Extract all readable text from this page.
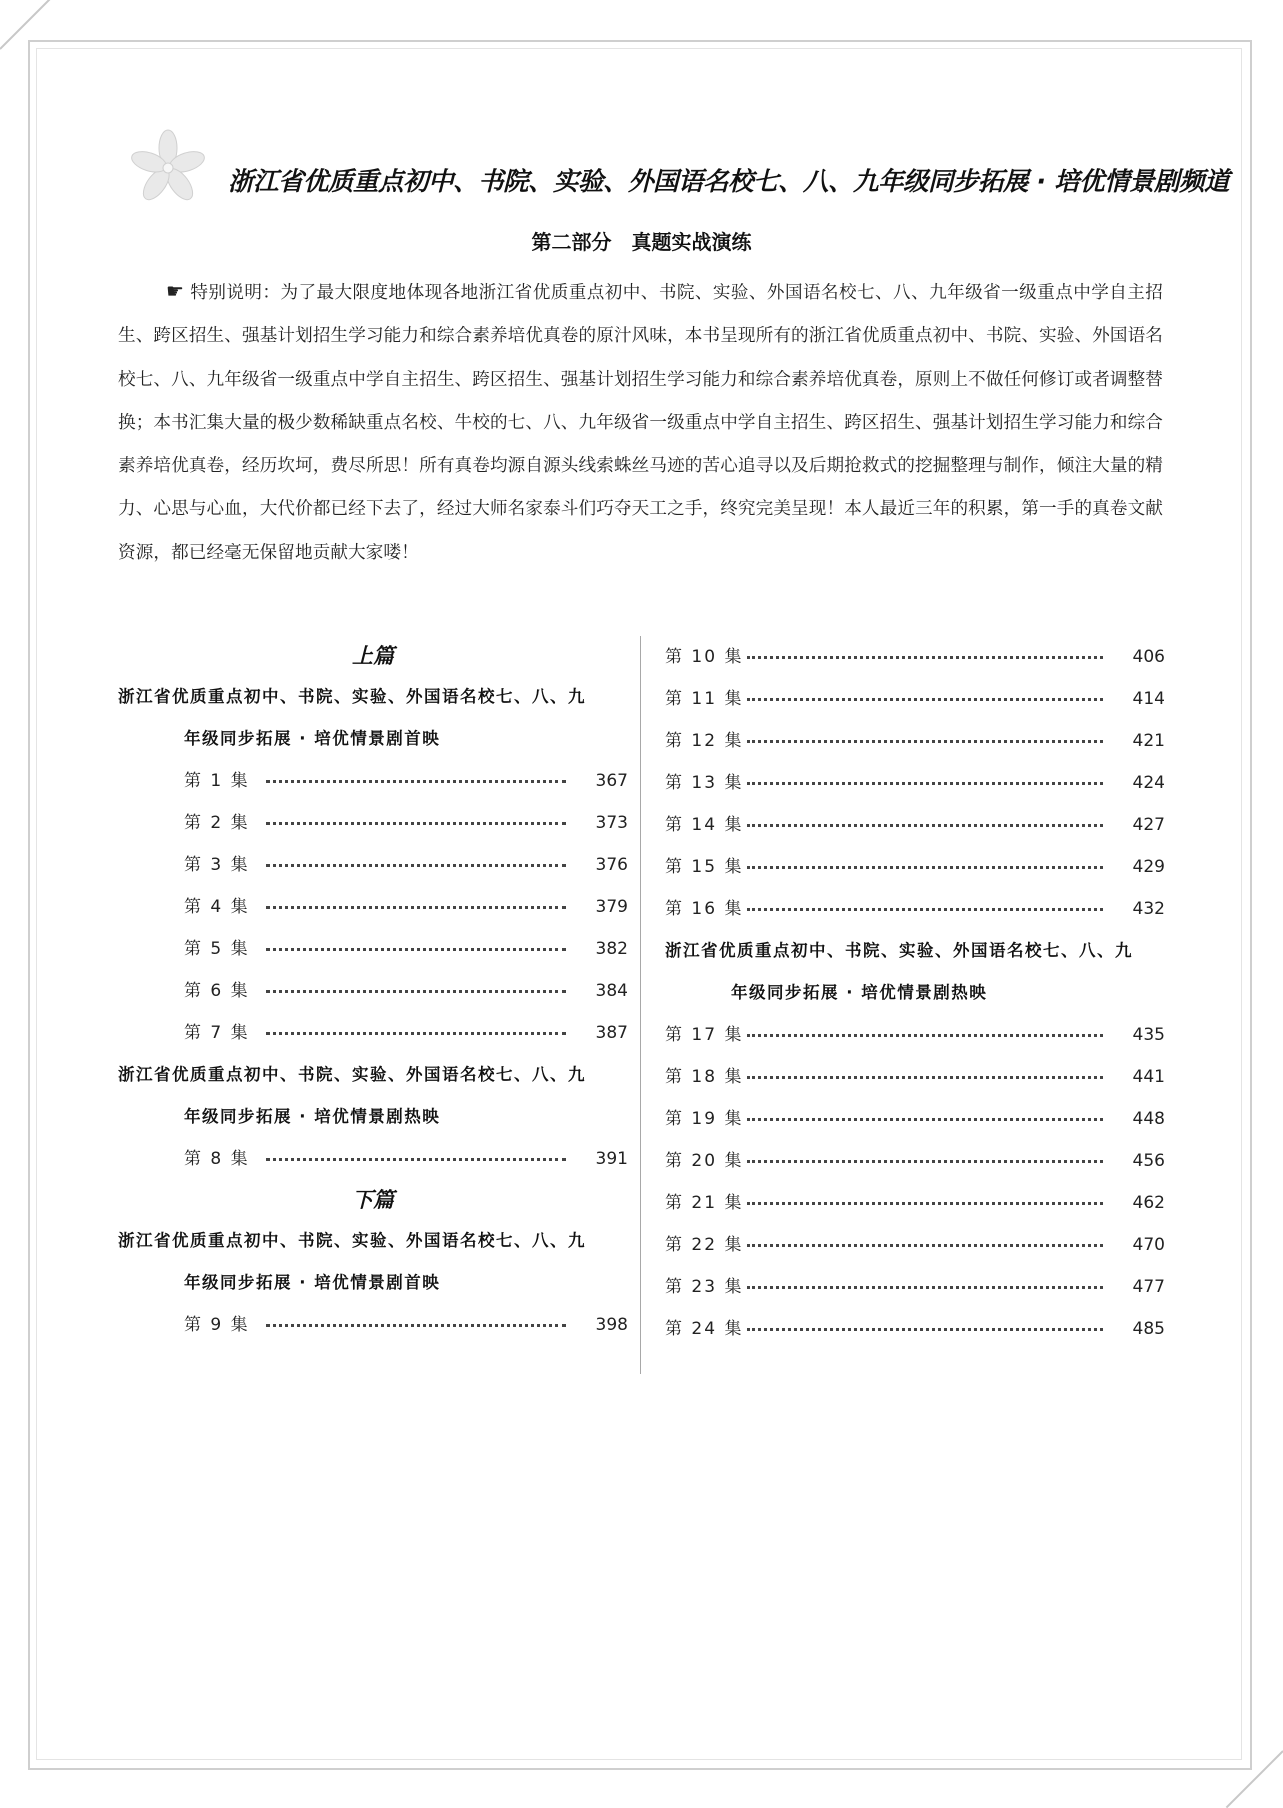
浙江省优质重点初中、书院、实验、外国语名校七、八、九年级同步拓展 · 培优情景剧频道
第二部分　真题实战演练
☛ 特别说明：为了最大限度地体现各地浙江省优质重点初中、书院、实验、外国语名校七、八、九年级省一级重点中学自主招生、跨区招生、强基计划招生学习能力和综合素养培优真卷的原汁风味，本书呈现所有的浙江省优质重点初中、书院、实验、外国语名校七、八、九年级省一级重点中学自主招生、跨区招生、强基计划招生学习能力和综合素养培优真卷，原则上不做任何修订或者调整替换；本书汇集大量的极少数稀缺重点名校、牛校的七、八、九年级省一级重点中学自主招生、跨区招生、强基计划招生学习能力和综合素养培优真卷，经历坎坷，费尽所思！所有真卷均源自源头线索蛛丝马迹的苦心追寻以及后期抢救式的挖掘整理与制作，倾注大量的精力、心思与心血，大代价都已经下去了，经过大师名家泰斗们巧夺天工之手，终究完美呈现！本人最近三年的积累，第一手的真卷文献资源，都已经毫无保留地贡献大家喽！
上篇
浙江省优质重点初中、书院、实验、外国语名校七、八、九
年级同步拓展 · 培优情景剧首映
第 1 集	367
第 2 集	373
第 3 集	376
第 4 集	379
第 5 集	382
第 6 集	384
第 7 集	387
浙江省优质重点初中、书院、实验、外国语名校七、八、九
年级同步拓展 · 培优情景剧热映
第 8 集	391
下篇
浙江省优质重点初中、书院、实验、外国语名校七、八、九
年级同步拓展 · 培优情景剧首映
第 9 集	398
第 10 集	406
第 11 集	414
第 12 集	421
第 13 集	424
第 14 集	427
第 15 集	429
第 16 集	432
浙江省优质重点初中、书院、实验、外国语名校七、八、九
年级同步拓展 · 培优情景剧热映
第 17 集	435
第 18 集	441
第 19 集	448
第 20 集	456
第 21 集	462
第 22 集	470
第 23 集	477
第 24 集	485
